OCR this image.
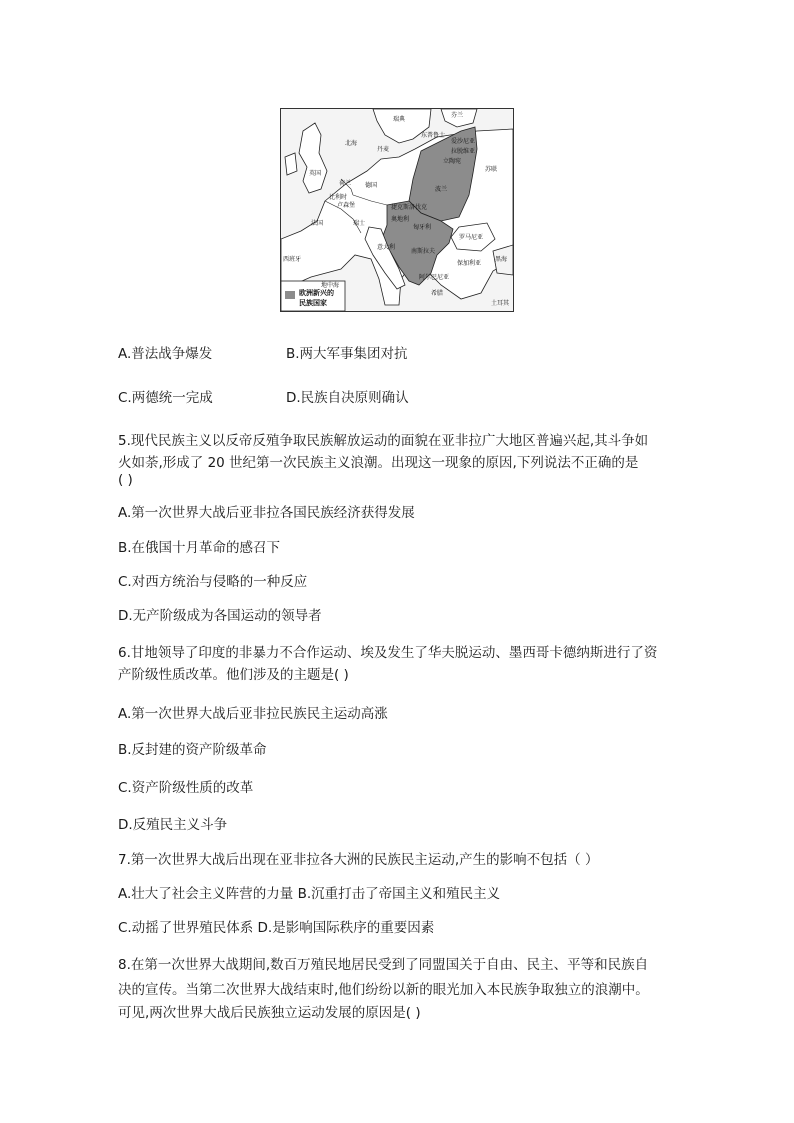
瑞典
北海
丹麦
英国
荷兰
比利时
德国
法国	瑞士
西班牙
地中海
意大利
波兰
苏联
罗马尼亚
黑海
奥地利
匈牙利
南斯拉夫
保加利亚
捷克斯洛伐克
芬兰
爱沙尼亚
拉脱维亚
立陶宛
卢森堡
阿尔巴尼亚
希腊
土耳其
东普鲁士
欧洲新兴的
民族国家
A.普法战争爆发	B.两大军事集团对抗
C.两德统一完成	D.民族自决原则确认
5.现代民族主义以反帝反殖争取民族解放运动的面貌在亚非拉广大地区普遍兴起,其斗争如
火如荼,形成了 20 世纪第一次民族主义浪潮。出现这一现象的原因,下列说法不正确的是
( )
A.第一次世界大战后亚非拉各国民族经济获得发展
B.在俄国十月革命的感召下
C.对西方统治与侵略的一种反应
D.无产阶级成为各国运动的领导者
6.甘地领导了印度的非暴力不合作运动、埃及发生了华夫脱运动、墨西哥卡德纳斯进行了资
产阶级性质改革。他们涉及的主题是( )
A.第一次世界大战后亚非拉民族民主运动高涨
B.反封建的资产阶级革命
C.资产阶级性质的改革
D.反殖民主义斗争
7.第一次世界大战后出现在亚非拉各大洲的民族民主运动,产生的影响不包括（ ）
A.壮大了社会主义阵营的力量 B.沉重打击了帝国主义和殖民主义
C.动摇了世界殖民体系 D.是影响国际秩序的重要因素
8.在第一次世界大战期间,数百万殖民地居民受到了同盟国关于自由、民主、平等和民族自
决的宣传。当第二次世界大战结束时,他们纷纷以新的眼光加入本民族争取独立的浪潮中。
可见,两次世界大战后民族独立运动发展的原因是( )
